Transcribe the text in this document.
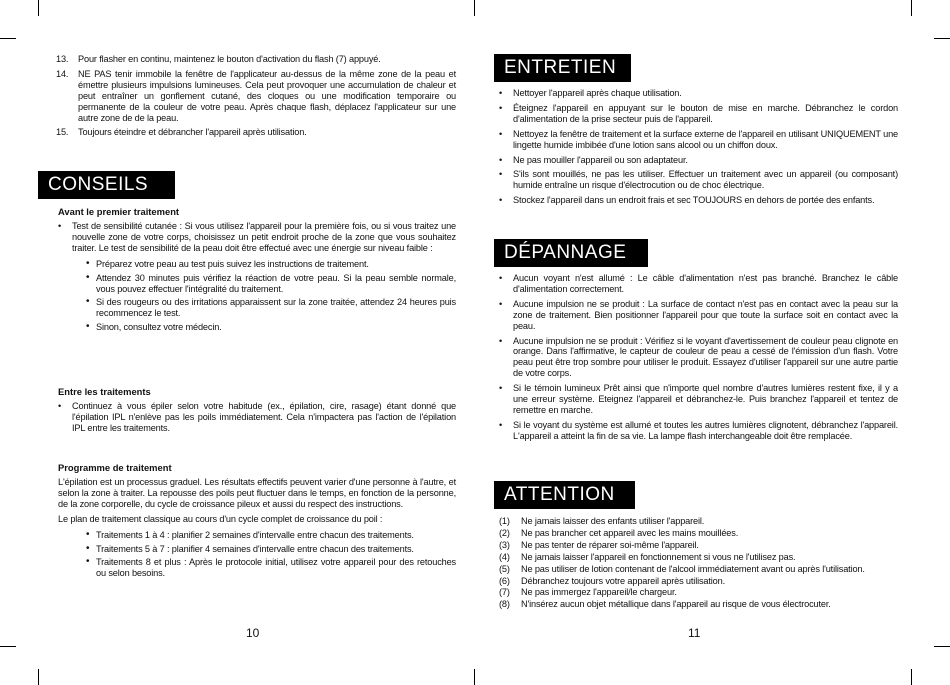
13. Pour flasher en continu, maintenez le bouton d'activation du flash (7) appuyé.
14. NE PAS tenir immobile la fenêtre de l'applicateur au-dessus de la même zone de la peau et émettre plusieurs impulsions lumineuses. Cela peut provoquer une accumulation de chaleur et peut entraîner un gonflement cutané, des cloques ou une modification temporaire ou permanente de la couleur de votre peau. Après chaque flash, déplacez l'applicateur sur une autre zone de de la peau.
15. Toujours éteindre et débrancher l'appareil après utilisation.
CONSEILS
Avant le premier traitement
• Test de sensibilité cutanée : Si vous utilisez l'appareil pour la première fois, ou si vous traitez une nouvelle zone de votre corps, choisissez un petit endroit proche de la zone que vous souhaitez traiter. Le test de sensibilité de la peau doit être effectué avec une énergie sur niveau faible :
• Préparez votre peau au test puis suivez les instructions de traitement.
• Attendez 30 minutes puis vérifiez la réaction de votre peau. Si la peau semble normale, vous pouvez effectuer l'intégralité du traitement.
• Si des rougeurs ou des irritations apparaissent sur la zone traitée, attendez 24 heures puis recommencez le test.
• Sinon, consultez votre médecin.
Entre les traitements
• Continuez à vous épiler selon votre habitude (ex., épilation, cire, rasage) étant donné que l'épilation IPL n'enlève pas les poils immédiatement. Cela n'impactera pas l'action de l'épilation IPL entre les traitements.
Programme de traitement

L'épilation est un processus graduel. Les résultats effectifs peuvent varier d'une personne à l'autre, et selon la zone à traiter. La repousse des poils peut fluctuer dans le temps, en fonction de la personne, de la zone corporelle, du cycle de croissance pileux et aussi du respect des instructions.

Le plan de traitement classique au cours d'un cycle complet de croissance du poil :

• Traitements 1 à 4 : planifier 2 semaines d'intervalle entre chacun des traitements.
• Traitements 5 à 7 : planifier 4 semaines d'intervalle entre chacun des traitements.
• Traitements 8 et plus : Après le protocole initial, utilisez votre appareil pour des retouches ou selon besoins.
10
ENTRETIEN
• Nettoyer l'appareil après chaque utilisation.
• Éteignez l'appareil en appuyant sur le bouton de mise en marche. Débranchez le cordon d'alimentation de la prise secteur puis de l'appareil.
• Nettoyez la fenêtre de traitement et la surface externe de l'appareil en utilisant UNIQUEMENT une lingette humide imbibée d'une lotion sans alcool ou un chiffon doux.
• Ne pas mouiller l'appareil ou son adaptateur.
• S'ils sont mouillés, ne pas les utiliser. Effectuer un traitement avec un appareil (ou composant) humide entraîne un risque d'électrocution ou de choc électrique.
• Stockez l'appareil dans un endroit frais et sec TOUJOURS en dehors de portée des enfants.
DÉPANNAGE
• Aucun voyant n'est allumé : Le câble d'alimentation n'est pas branché. Branchez le câble d'alimentation correctement.
• Aucune impulsion ne se produit : La surface de contact n'est pas en contact avec la peau sur la zone de traitement. Bien positionner l'appareil pour que toute la surface soit en contact avec la peau.
• Aucune impulsion ne se produit : Vérifiez si le voyant d'avertissement de couleur peau clignote en orange. Dans l'affirmative, le capteur de couleur de peau a cessé de l'émission d'un flash. Votre peau peut être trop sombre pour utiliser le produit. Essayez d'utiliser l'appareil sur une autre partie de votre corps.
• Si le témoin lumineux Prêt ainsi que n'importe quel nombre d'autres lumières restent fixe, il y a une erreur système. Eteignez l'appareil et débranchez-le. Puis branchez l'appareil et tentez de remettre en marche.
• Si le voyant du système est allumé et toutes les autres lumières clignotent, débranchez l'appareil. L'appareil a atteint la fin de sa vie. La lampe flash interchangeable doit être remplacée.
ATTENTION
(1) Ne jamais laisser des enfants utiliser l'appareil.
(2) Ne pas brancher cet appareil avec les mains mouillées.
(3) Ne pas tenter de réparer soi-même l'appareil.
(4) Ne jamais laisser l'appareil en fonctionnement si vous ne l'utilisez pas.
(5) Ne pas utiliser de lotion contenant de l'alcool immédiatement avant ou après l'utilisation.
(6) Débranchez toujours votre appareil après utilisation.
(7) Ne pas immergez l'appareil/le chargeur.
(8) N'insérez aucun objet métallique dans l'appareil au risque de vous électrocuter.
11
